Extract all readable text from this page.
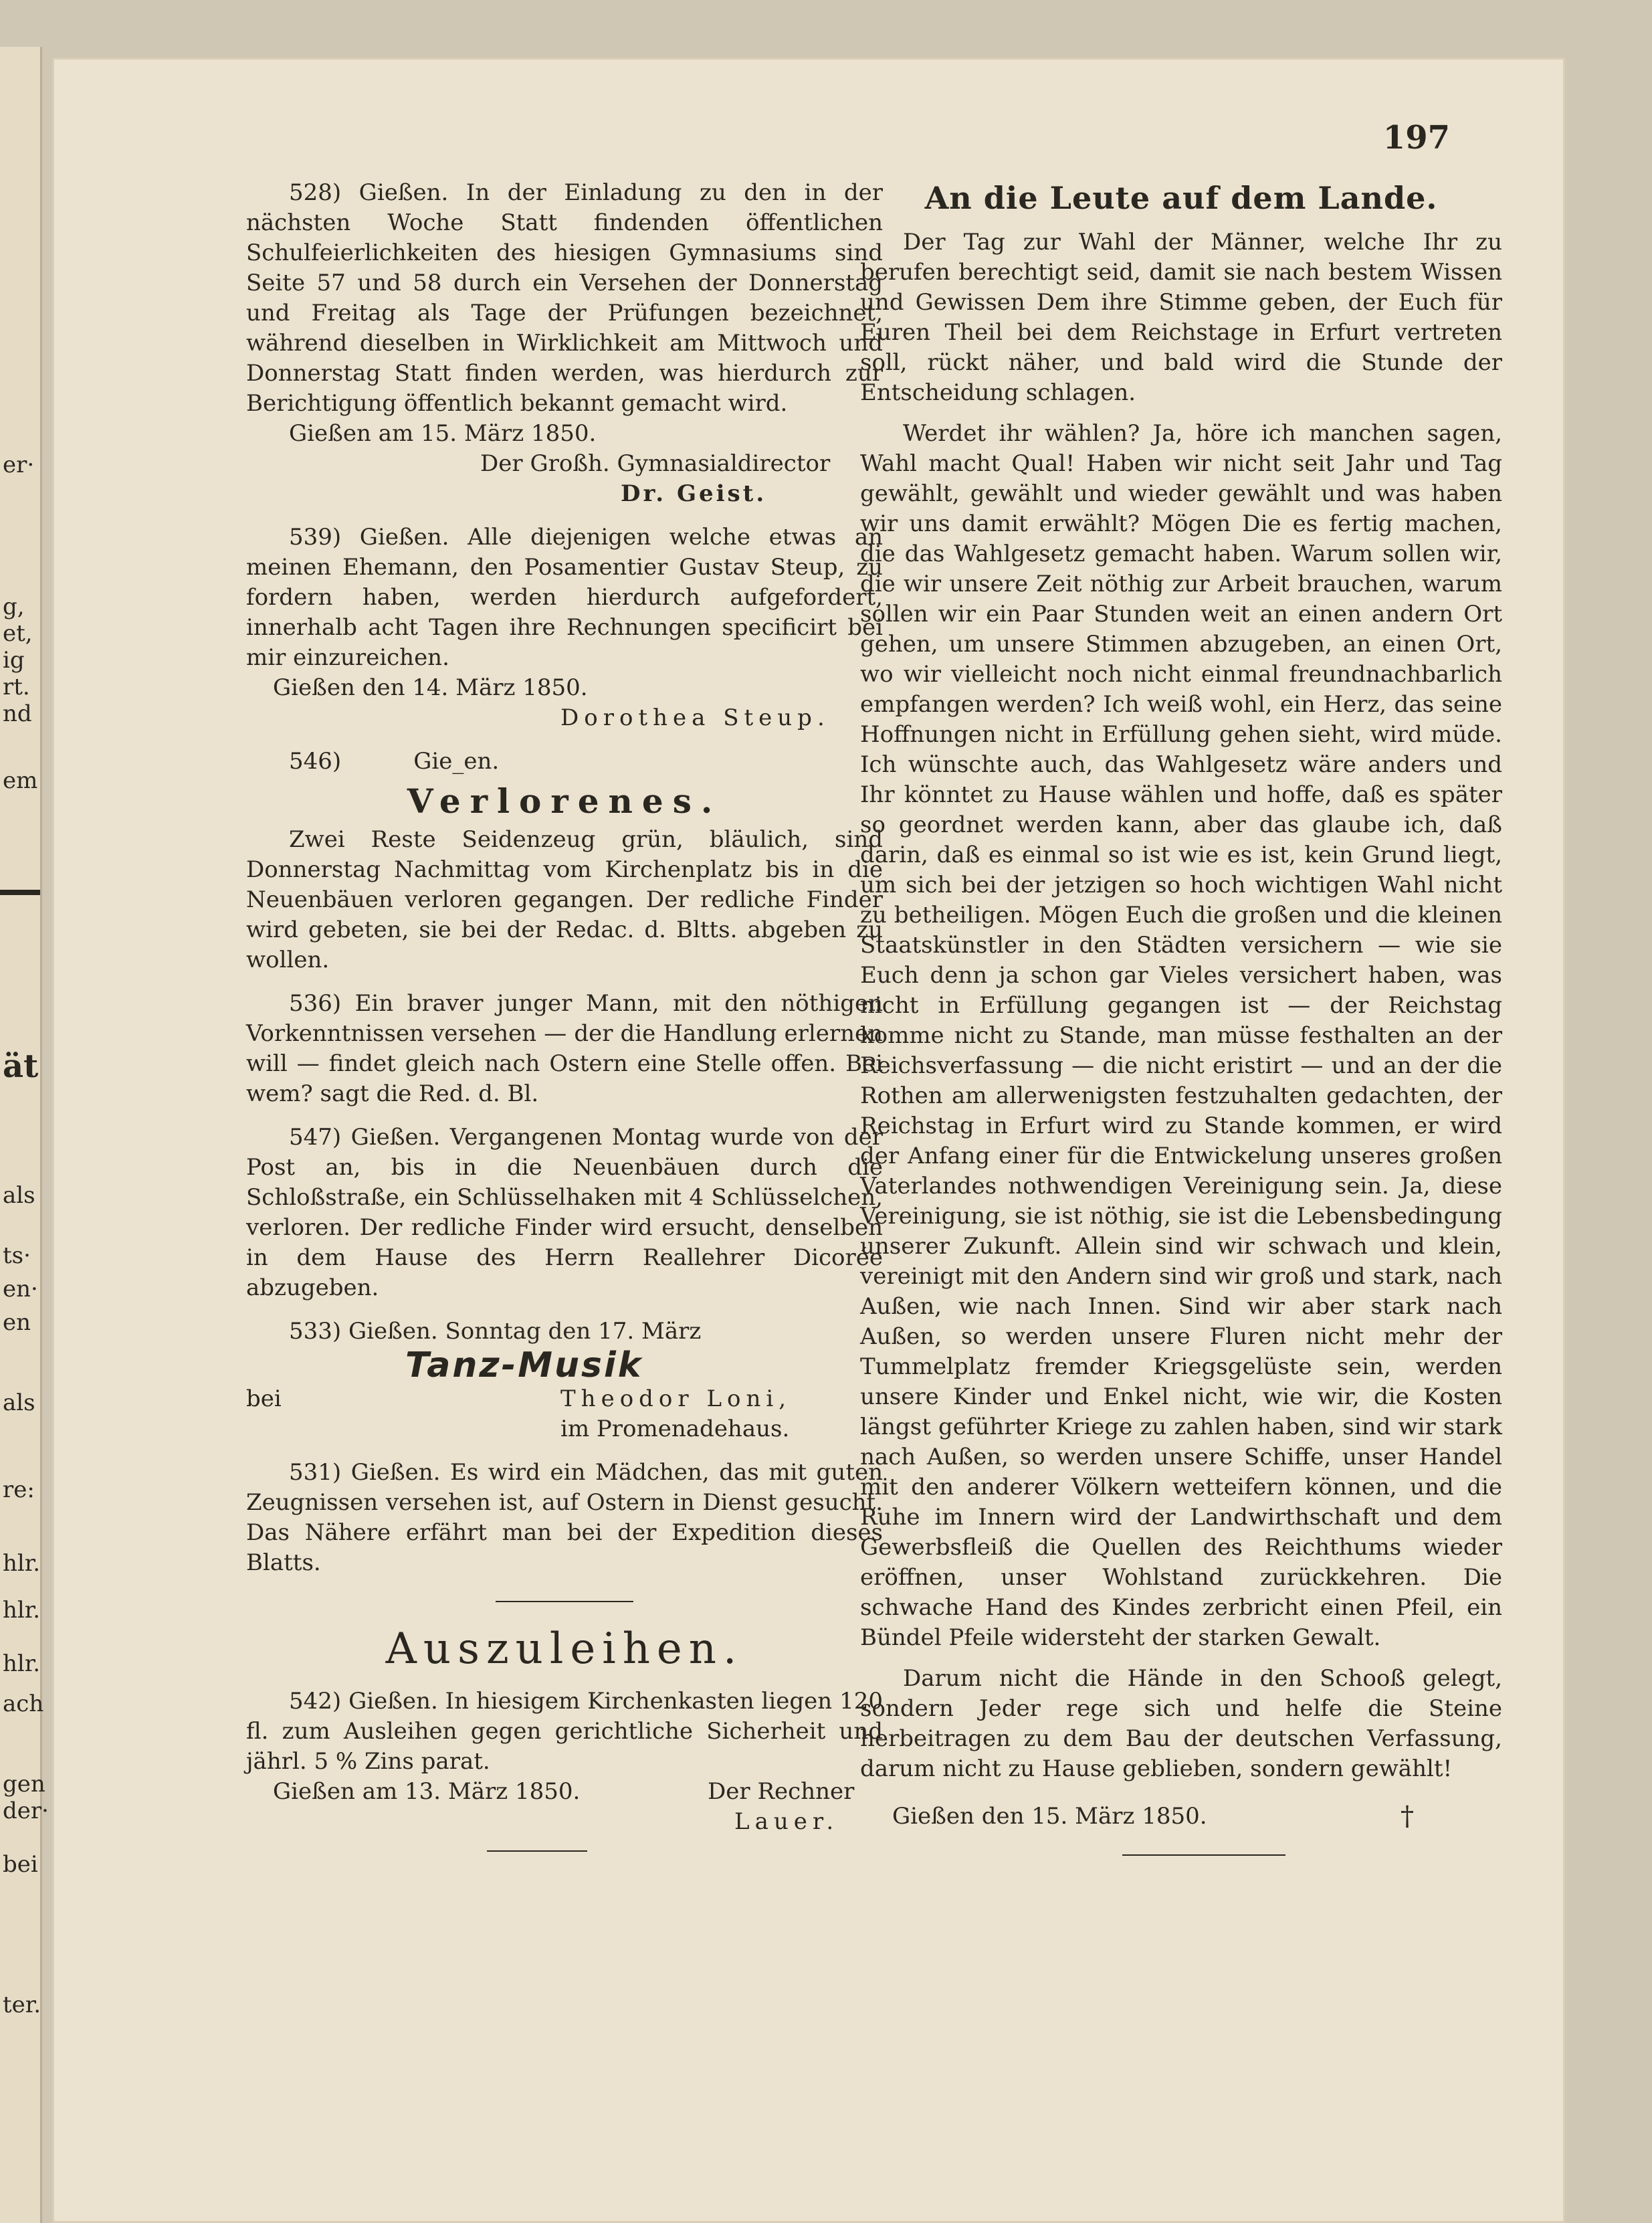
er·
g,
et,
ig
rt.
nd
em
ät
als
ts·
en·
en
als
re:
hlr.
hlr.
hlr.
ach
gen
der·
bei
ter.
197

528) Gießen. In der Einladung zu den in der nächsten Woche Statt findenden öffentlichen Schulfeierlichkeiten des hiesigen Gymnasiums sind Seite 57 und 58 durch ein Versehen der Donnerstag und Freitag als Tage der Prüfungen bezeichnet, während dieselben in Wirklichkeit am Mittwoch und Donnerstag Statt finden werden, was hierdurch zur Berichtigung öffentlich bekannt gemacht wird.

Gießen am 15. März 1850.

Der Großh. Gymnasialdirector

Dr. Geist.

539) Gießen. Alle diejenigen welche etwas an meinen Ehemann, den Posamentier Gustav Steup, zu fordern haben, werden hierdurch aufgefordert, innerhalb acht Tagen ihre Rechnungen specificirt bei mir einzureichen.

Gießen den 14. März 1850.

Dorothea Steup.

546)          Gie_en.

Verlorenes.

Zwei Reste Seidenzeug grün, bläulich, sind Donnerstag Nachmittag vom Kirchenplatz bis in die Neuenbäuen verloren gegangen. Der redliche Finder wird gebeten, sie bei der Redac. d. Bltts. abgeben zu wollen.

536) Ein braver junger Mann, mit den nöthigen Vorkenntnissen versehen — der die Handlung erlernen will — findet gleich nach Ostern eine Stelle offen. Bei wem? sagt die Red. d. Bl.

547) Gießen. Vergangenen Montag wurde von der Post an, bis in die Neuenbäuen durch die Schloßstraße, ein Schlüsselhaken mit 4 Schlüsselchen, verloren. Der redliche Finder wird ersucht, denselben in dem Hause des Herrn Reallehrer Dicorée abzugeben.

533) Gießen. Sonntag den 17. März

Tanz-Musik

bei	Theodor Loni,

im Promenadehaus.

531) Gießen. Es wird ein Mädchen, das mit guten Zeugnissen versehen ist, auf Ostern in Dienst gesucht. Das Nähere erfährt man bei der Expedition dieses Blatts.

Auszuleihen.

542) Gießen. In hiesigem Kirchenkasten liegen 120 fl. zum Ausleihen gegen gerichtliche Sicherheit und jährl. 5 % Zins parat.

Gießen am 13. März 1850.	Der Rechner

Lauer.

An die Leute auf dem Lande.

Der Tag zur Wahl der Männer, welche Ihr zu berufen berechtigt seid, damit sie nach bestem Wissen und Gewissen Dem ihre Stimme geben, der Euch für Euren Theil bei dem Reichstage in Erfurt vertreten soll, rückt näher, und bald wird die Stunde der Entscheidung schlagen.

Werdet ihr wählen? Ja, höre ich manchen sagen, Wahl macht Qual! Haben wir nicht seit Jahr und Tag gewählt, gewählt und wieder gewählt und was haben wir uns damit erwählt? Mögen Die es fertig machen, die das Wahlgesetz gemacht haben. Warum sollen wir, die wir unsere Zeit nöthig zur Arbeit brauchen, warum sollen wir ein Paar Stunden weit an einen andern Ort gehen, um unsere Stimmen abzugeben, an einen Ort, wo wir vielleicht noch nicht einmal freundnachbarlich empfangen werden? Ich weiß wohl, ein Herz, das seine Hoffnungen nicht in Erfüllung gehen sieht, wird müde. Ich wünschte auch, das Wahlgesetz wäre anders und Ihr könntet zu Hause wählen und hoffe, daß es später so geordnet werden kann, aber das glaube ich, daß darin, daß es einmal so ist wie es ist, kein Grund liegt, um sich bei der jetzigen so hoch wichtigen Wahl nicht zu betheiligen. Mögen Euch die großen und die kleinen Staatskünstler in den Städten versichern — wie sie Euch denn ja schon gar Vieles versichert haben, was nicht in Erfüllung gegangen ist — der Reichstag komme nicht zu Stande, man müsse festhalten an der Reichsverfassung — die nicht eristirt — und an der die Rothen am allerwenigsten festzuhalten gedachten, der Reichstag in Erfurt wird zu Stande kommen, er wird der Anfang einer für die Entwickelung unseres großen Vaterlandes nothwendigen Vereinigung sein. Ja, diese Vereinigung, sie ist nöthig, sie ist die Lebensbedingung unserer Zukunft. Allein sind wir schwach und klein, vereinigt mit den Andern sind wir groß und stark, nach Außen, wie nach Innen. Sind wir aber stark nach Außen, so werden unsere Fluren nicht mehr der Tummelplatz fremder Kriegsgelüste sein, werden unsere Kinder und Enkel nicht, wie wir, die Kosten längst geführter Kriege zu zahlen haben, sind wir stark nach Außen, so werden unsere Schiffe, unser Handel mit den anderer Völkern wetteifern können, und die Ruhe im Innern wird der Landwirthschaft und dem Gewerbsfleiß die Quellen des Reichthums wieder eröffnen, unser Wohlstand zurückkehren. Die schwache Hand des Kindes zerbricht einen Pfeil, ein Bündel Pfeile widersteht der starken Gewalt.

Darum nicht die Hände in den Schooß gelegt, sondern Jeder rege sich und helfe die Steine herbeitragen zu dem Bau der deutschen Verfassung, darum nicht zu Hause geblieben, sondern gewählt!

Gießen den 15. März 1850.	†
